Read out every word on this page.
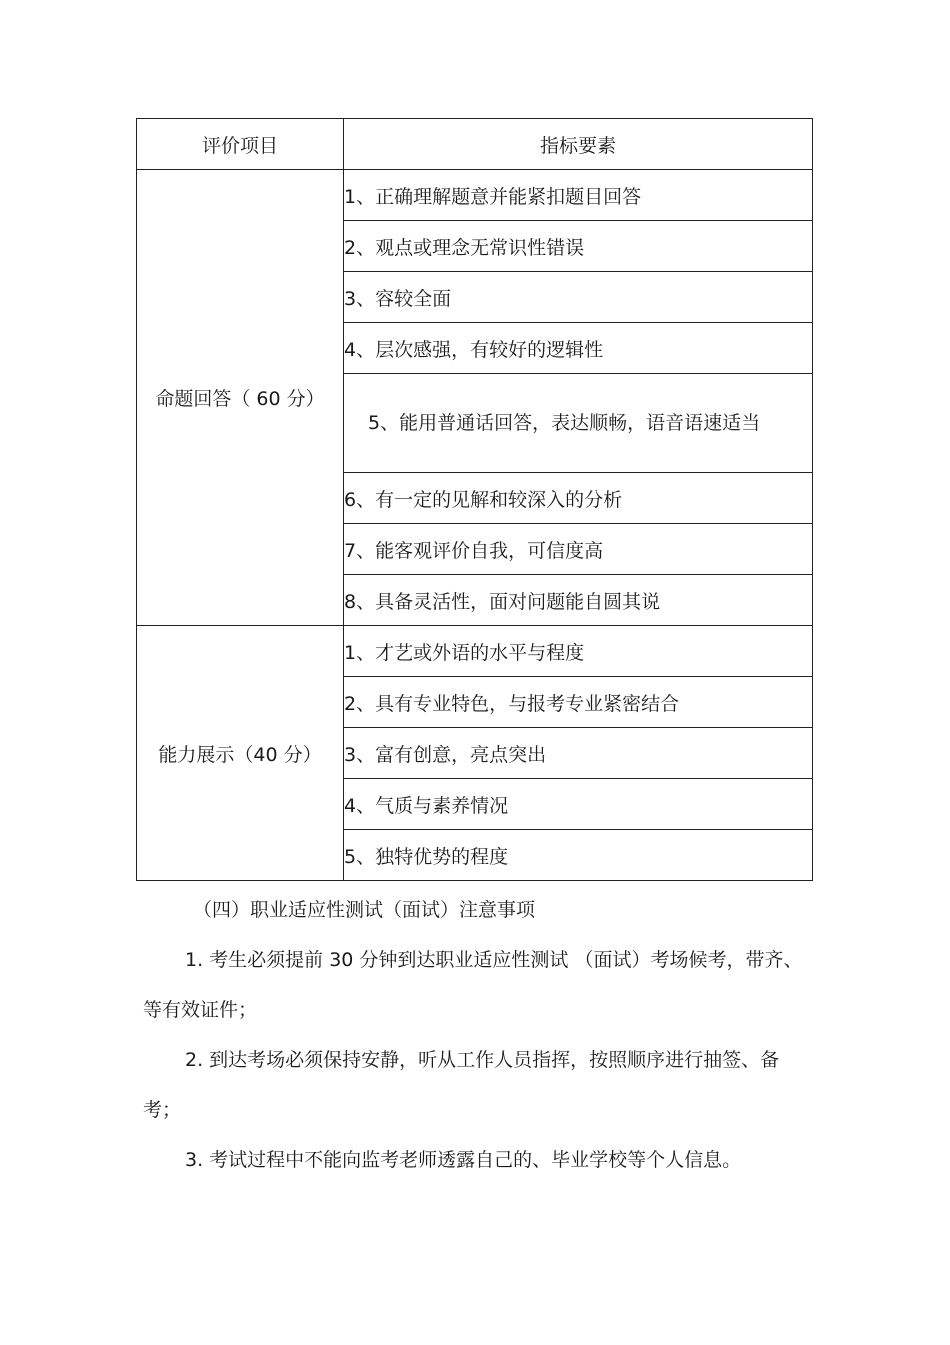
评价项目	指标要素
命题回答（ 60 分）	1、正确理解题意并能紧扣题目回答
	2、观点或理念无常识性错误
	3、容较全面
	4、层次感强，有较好的逻辑性

	5、能用普通话回答，表达顺畅，语音语速适当

	6、有一定的见解和较深入的分析
	7、能客观评价自我，可信度高
	8、具备灵活性，面对问题能自圆其说
能力展示（40 分）	1、才艺或外语的水平与程度
	2、具有专业特色，与报考专业紧密结合
	3、富有创意，亮点突出
	4、气质与素养情况
	5、独特优势的程度
（四）职业适应性测试（面试）注意事项
1. 考生必须提前 30 分钟到达职业适应性测试 （面试）考场候考，带齐、等有效证件；
2. 到达考场必须保持安静，听从工作人员指挥，按照顺序进行抽签、备考；
3. 考试过程中不能向监考老师透露自己的、毕业学校等个人信息。
